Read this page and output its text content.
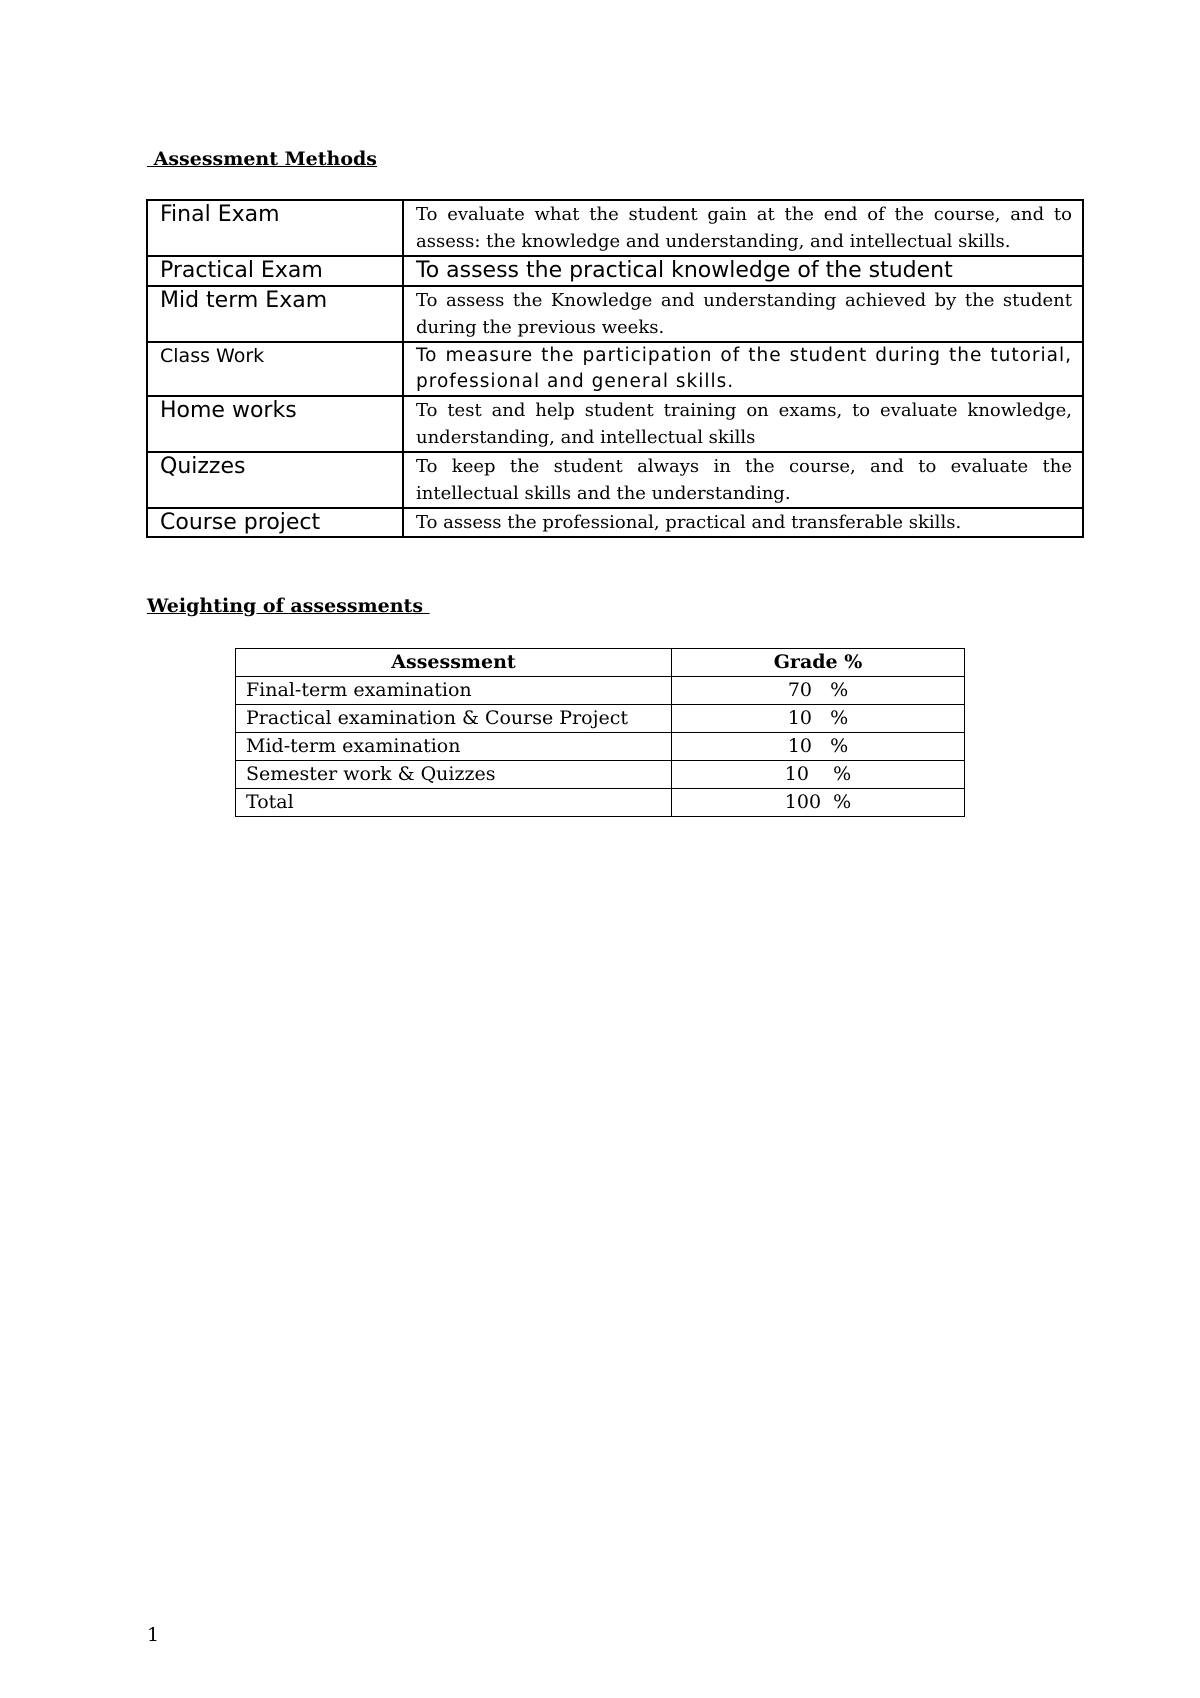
Assessment Methods
Final Exam	To evaluate what the student gain at the end of the course, and to assess: the knowledge and understanding, and intellectual skills.
Practical Exam	To assess the practical knowledge of the student
Mid term Exam	To assess the Knowledge and understanding achieved by the student during the previous weeks.
Class Work	To measure the participation of the student during the tutorial, professional and general skills.
Home works	To test and help student training on exams, to evaluate knowledge, understanding, and intellectual skills
Quizzes	To keep the student always in the course, and to evaluate the intellectual skills and the understanding.
Course project	To assess the professional, practical and transferable skills.
Weighting of assessments
Assessment	Grade %
Final-term examination	70   %
Practical examination & Course Project	10   %
Mid-term examination	10   %
Semester work & Quizzes	10    %
Total	100  %
1
